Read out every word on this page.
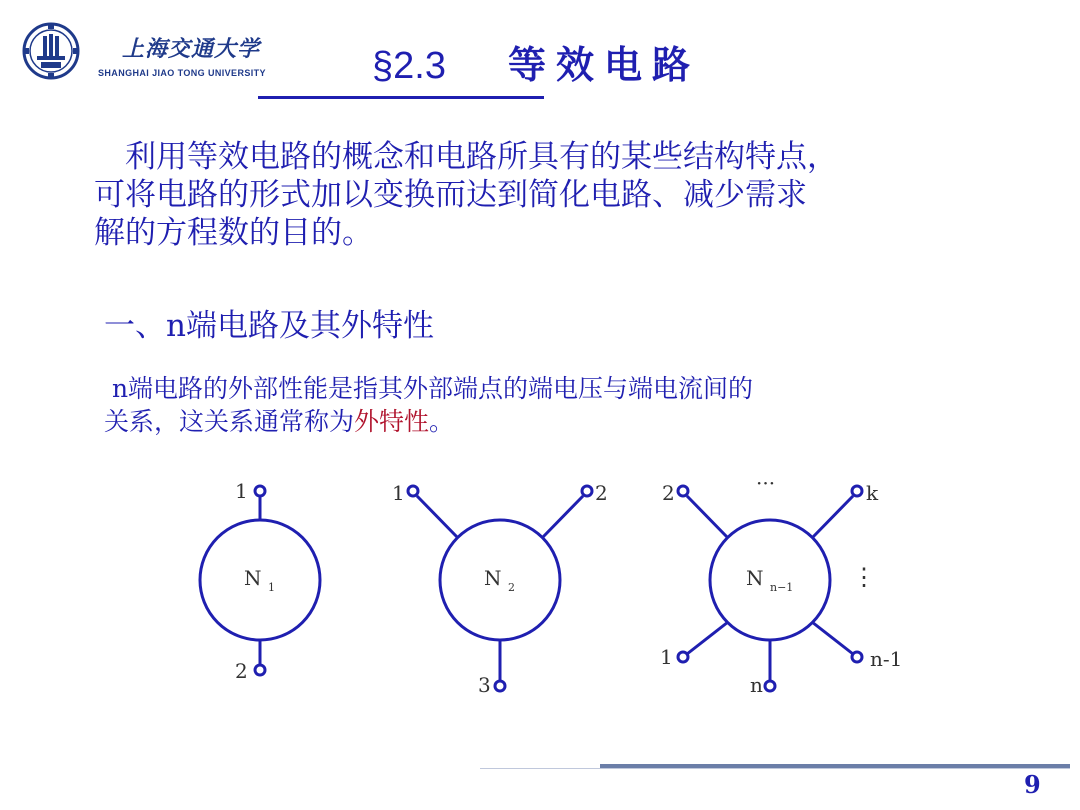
上海交通大学
SHANGHAI JIAO TONG UNIVERSITY	§2.3 等效电路

　利用等效电路的概念和电路所具有的某些结构特点，

可将电路的形式加以变换而达到简化电路、减少需求

解的方程数的目的。

一、n端电路及其外特性

n端电路的外部性能是指其外部端点的端电压与端电流间的

关系，这关系通常称为外特性。

1
2
1	2
3
2	···	k
⋮
1
n
n-1
N 1	N 2	N n−1
9
